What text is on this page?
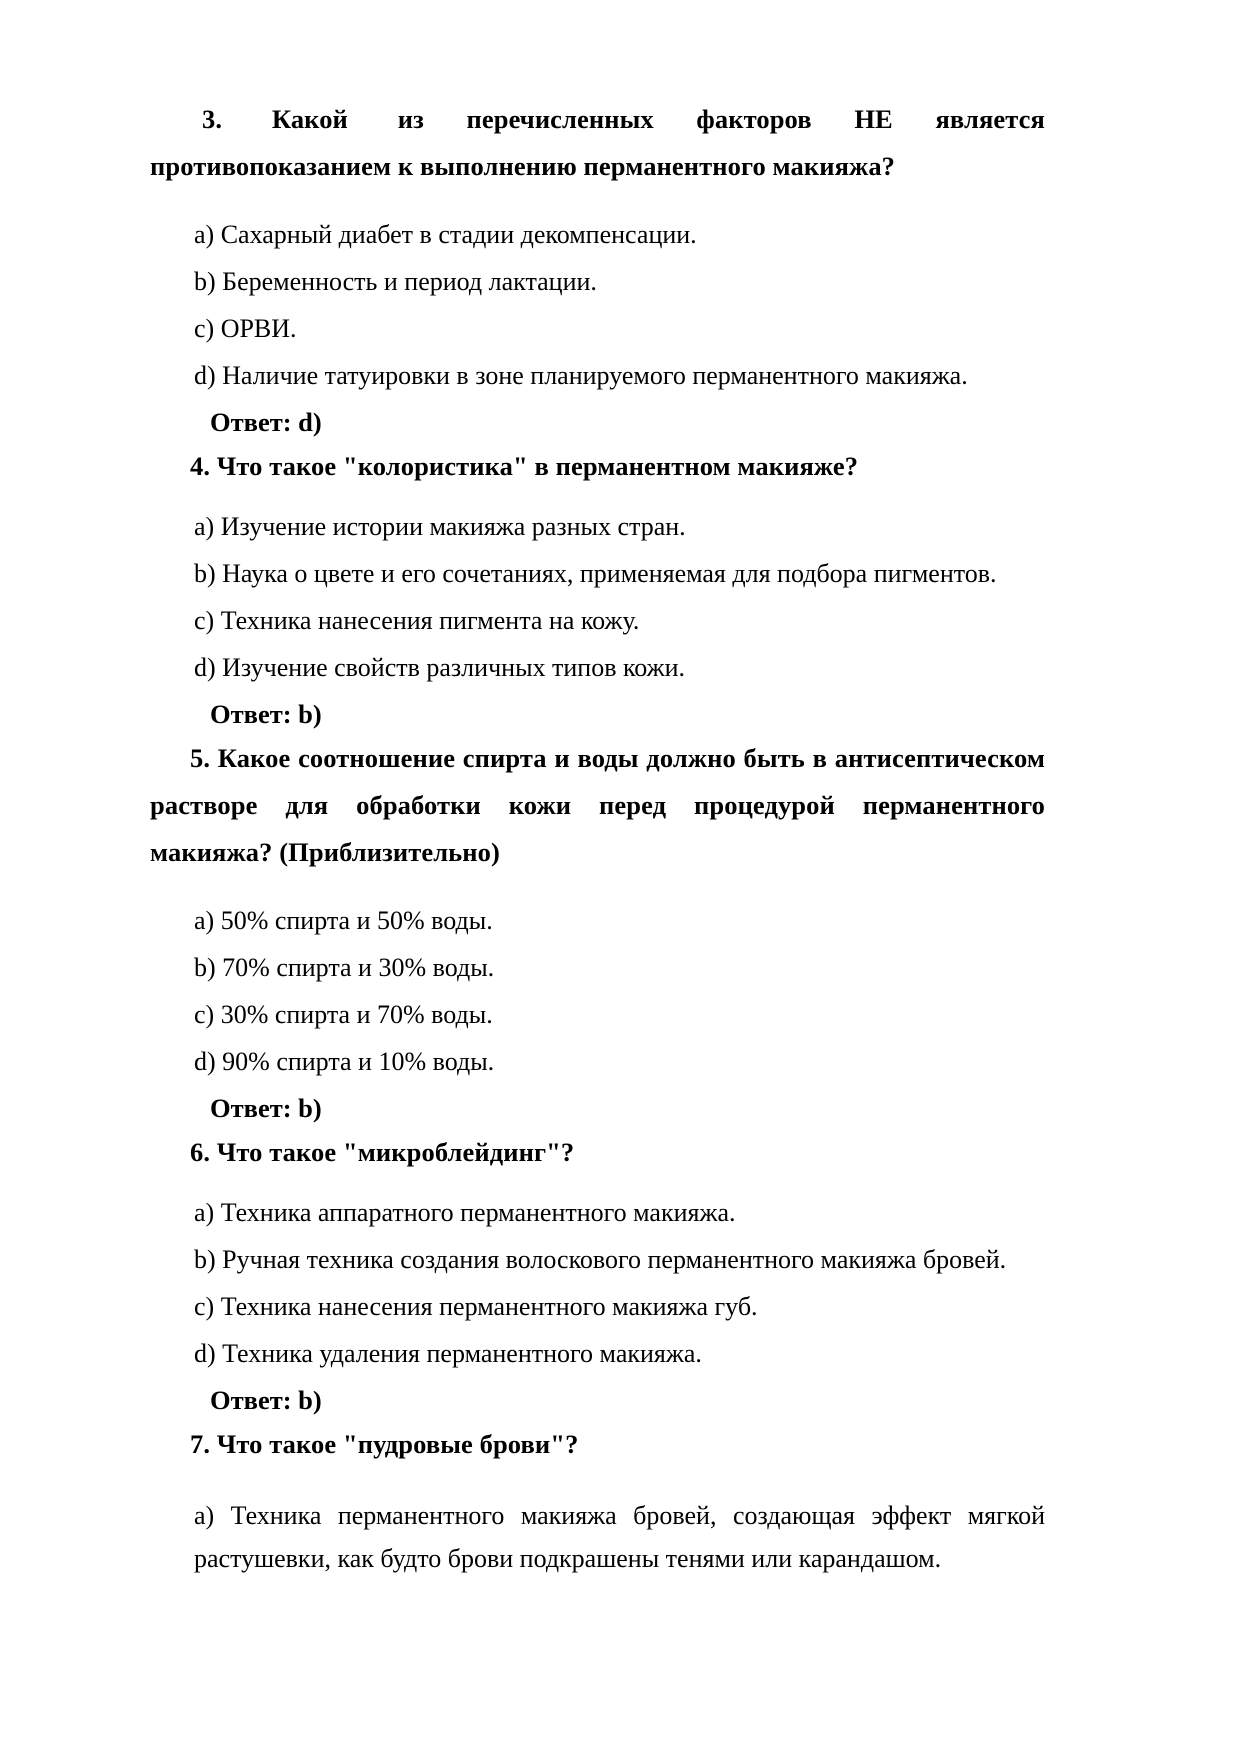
3.       Какой       из      перечисленных      факторов      НЕ      является противопоказанием к выполнению перманентного макияжа?

a) Сахарный диабет в стадии декомпенсации.

b) Беременность и период лактации.

c) ОРВИ.

d) Наличие татуировки в зоне планируемого перманентного макияжа.

Ответ: d)

4. Что такое "колористика" в перманентном макияже?

a) Изучение истории макияжа разных стран.

b) Наука о цвете и его сочетаниях, применяемая для подбора пигментов.

c) Техника нанесения пигмента на кожу.

d) Изучение свойств различных типов кожи.

Ответ: b)

5. Какое соотношение спирта и воды должно быть в антисептическом растворе для обработки кожи перед процедурой перманентного макияжа? (Приблизительно)

a) 50% спирта и 50% воды.

b) 70% спирта и 30% воды.

c) 30% спирта и 70% воды.

d) 90% спирта и 10% воды.

Ответ: b)

6. Что такое "микроблейдинг"?

a) Техника аппаратного перманентного макияжа.

b) Ручная техника создания волоскового перманентного макияжа бровей.

c) Техника нанесения перманентного макияжа губ.

d) Техника удаления перманентного макияжа.

Ответ: b)

7. Что такое "пудровые брови"?

a) Техника перманентного макияжа бровей, создающая эффект мягкой растушевки, как будто брови подкрашены тенями или карандашом.
